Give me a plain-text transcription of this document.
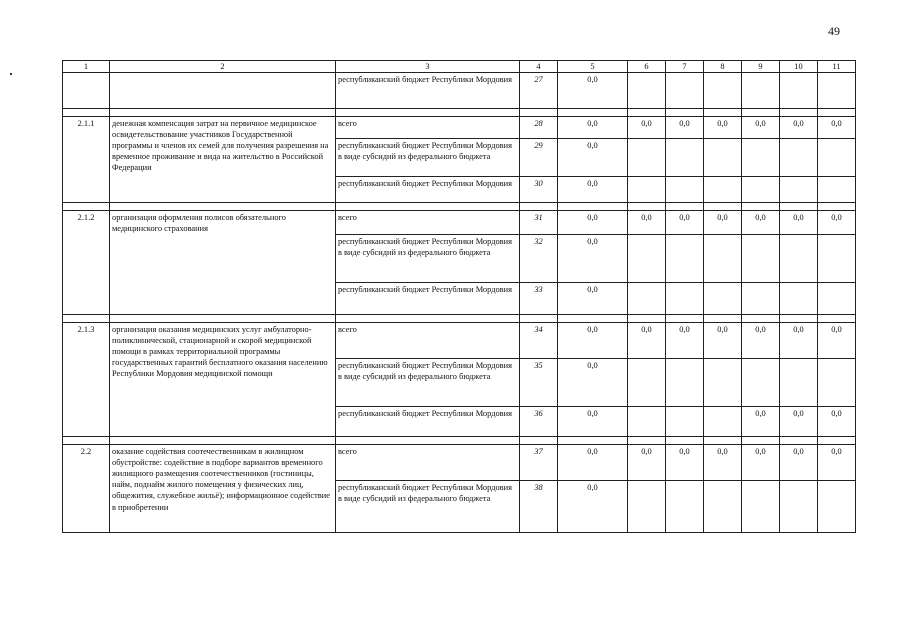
49
1	2	3	4	5	6	7	8	9	10	11
		республиканский бюджет Республики Мордовия	27	0,0						

2.1.1	денежная компенсация затрат на первичное медицинское освидетельствование участников Государственной программы и членов их семей для получения разрешения на временное проживание и вида на жительство в Российской Федерации	всего	28	0,0	0,0	0,0	0,0	0,0	0,0	0,0
		республиканский бюджет Республики Мордовия в виде субсидий из федерального бюджета	29	0,0						
		республиканский бюджет Республики Мордовия	30	0,0						

2.1.2	организация оформления полисов обязательного медицинского страхования	всего	31	0,0	0,0	0,0	0,0	0,0	0,0	0,0
		республиканский бюджет Республики Мордовия в виде субсидий из федерального бюджета	32	0,0						
		республиканский бюджет Республики Мордовия	33	0,0						

2.1.3	организация оказания медицинских услуг амбулаторно-поликлинической, стационарной и скорой медицинской помощи в рамках территориальной программы государственных гарантий бесплатного оказания населению Республики Мордовия медицинской помощи	всего	34	0,0	0,0	0,0	0,0	0,0	0,0	0,0
		республиканский бюджет Республики Мордовия в виде субсидий из федерального бюджета	35	0,0						
		республиканский бюджет Республики Мордовия	36	0,0				0,0	0,0	0,0

2.2	оказание содействия соотечественникам в жилищном обустройстве: содействие в подборе вариантов временного жилищного размещения соотечественников (гостиницы, найм, поднайм жилого помещения у физических лиц, общежития, служебное жильё); информационное содействие в приобретении	всего	37	0,0	0,0	0,0	0,0	0,0	0,0	0,0
		республиканский бюджет Республики Мордовия в виде субсидий из федерального бюджета	38	0,0						
